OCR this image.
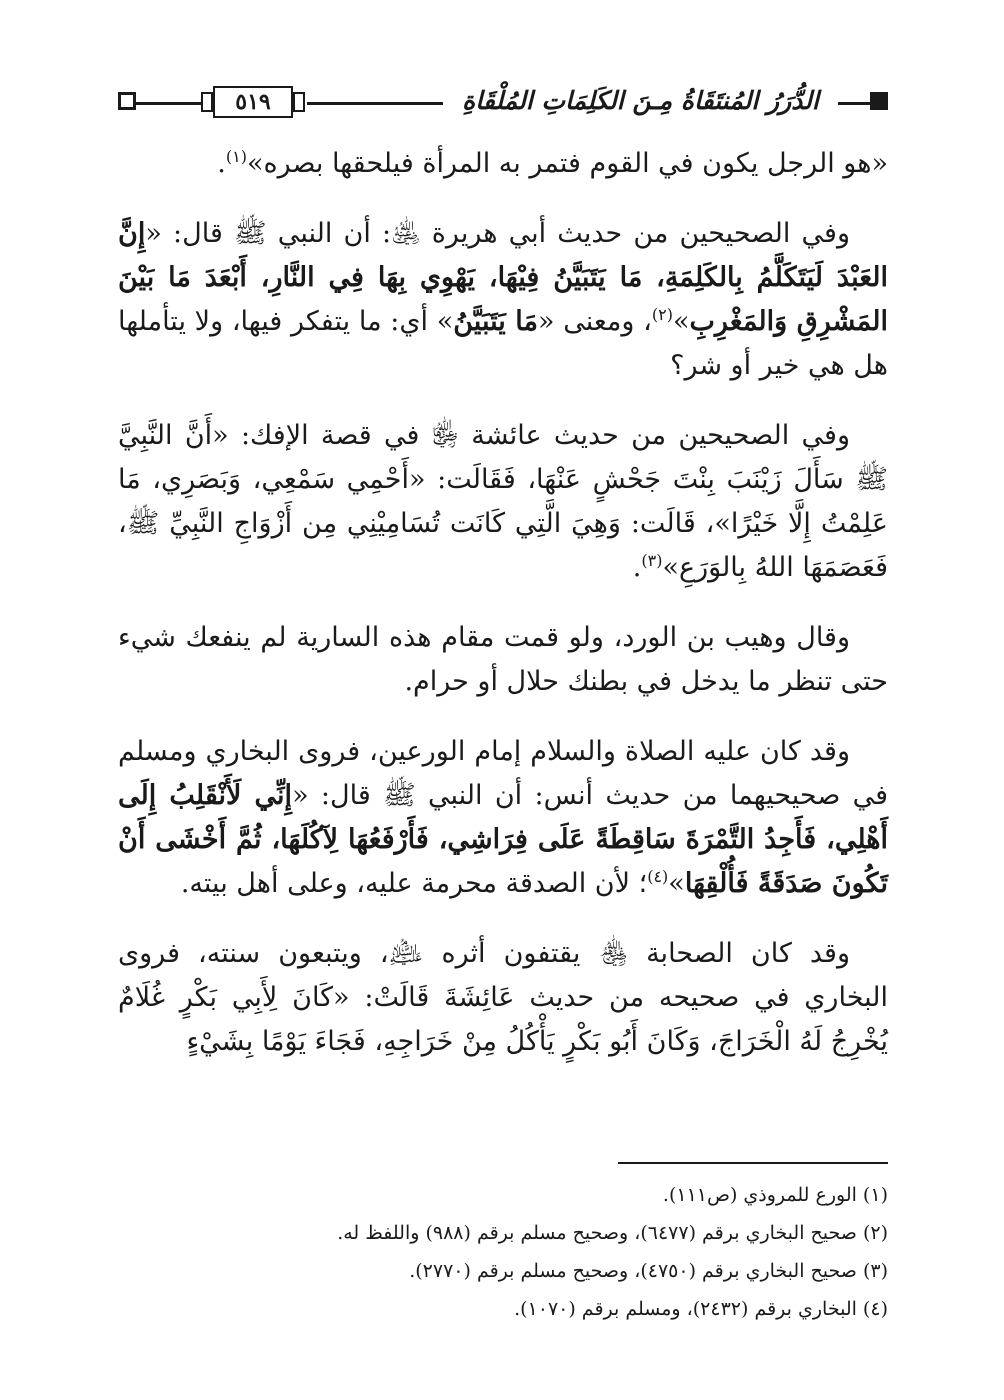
٥١٩	الدُّرَرُ المُنتَقَاةُ مِـنَ الكَلِمَاتِ المُلْقَاةِ

«هو الرجل يكون في القوم فتمر به المرأة فيلحقها بصره»$^{(١)}$.

وفي الصحيحين من حديث أبي هريرة ﵁: أن النبي ﷺ قال: «إِنَّ العَبْدَ لَيَتَكَلَّمُ بِالكَلِمَةِ، مَا يَتَبَيَّنُ فِيْهَا، يَهْوِي بِهَا فِي النَّارِ، أَبْعَدَ مَا بَيْنَ المَشْرِقِ وَالمَغْرِبِ»$^{(٢)}$، ومعنى «مَا يَتَبَيَّنُ» أي: ما يتفكر فيها، ولا يتأملها هل هي خير أو شر؟

وفي الصحيحين من حديث عائشة ﵂ في قصة الإفك: «أَنَّ النَّبِيَّ ﷺ سَأَلَ زَيْنَبَ بِنْتَ جَحْشٍ عَنْهَا، فَقَالَت: «أَحْمِي سَمْعِي، وَبَصَرِي، مَا عَلِمْتُ إِلَّا خَيْرًا»، قَالَت: وَهِيَ الَّتِي كَانَت تُسَامِيْنِي مِن أَزْوَاجِ النَّبِيِّ ﷺ، فَعَصَمَهَا اللهُ بِالوَرَعِ»$^{(٣)}$.

وقال وهيب بن الورد، ولو قمت مقام هذه السارية لم ينفعك شيء حتى تنظر ما يدخل في بطنك حلال أو حرام.

وقد كان عليه الصلاة والسلام إمام الورعين، فروى البخاري ومسلم في صحيحيهما من حديث أنس: أن النبي ﷺ قال: «إِنِّي لَأَنْقَلِبُ إِلَى أَهْلِي، فَأَجِدُ التَّمْرَةَ سَاقِطَةً عَلَى فِرَاشِي، فَأَرْفَعُهَا لِآكُلَهَا، ثُمَّ أَخْشَى أَنْ تَكُونَ صَدَقَةً فَأُلْقِهَا»$^{(٤)}$؛ لأن الصدقة محرمة عليه، وعلى أهل بيته.

وقد كان الصحابة ﵃ يقتفون أثره ﵇، ويتبعون سنته، فروى البخاري في صحيحه من حديث عَائِشَةَ قَالَتْ: «كَانَ لِأَبِي بَكْرٍ غُلَامٌ يُخْرِجُ لَهُ الْخَرَاجَ، وَكَانَ أَبُو بَكْرٍ يَأْكُلُ مِنْ خَرَاجِهِ، فَجَاءَ يَوْمًا بِشَيْءٍ

(١) الورع للمروذي (ص١١١).
(٢) صحيح البخاري برقم (٦٤٧٧)، وصحيح مسلم برقم (٩٨٨) واللفظ له.
(٣) صحيح البخاري برقم (٤٧٥٠)، وصحيح مسلم برقم (٢٧٧٠).
(٤) البخاري برقم (٢٤٣٢)، ومسلم برقم (١٠٧٠).
